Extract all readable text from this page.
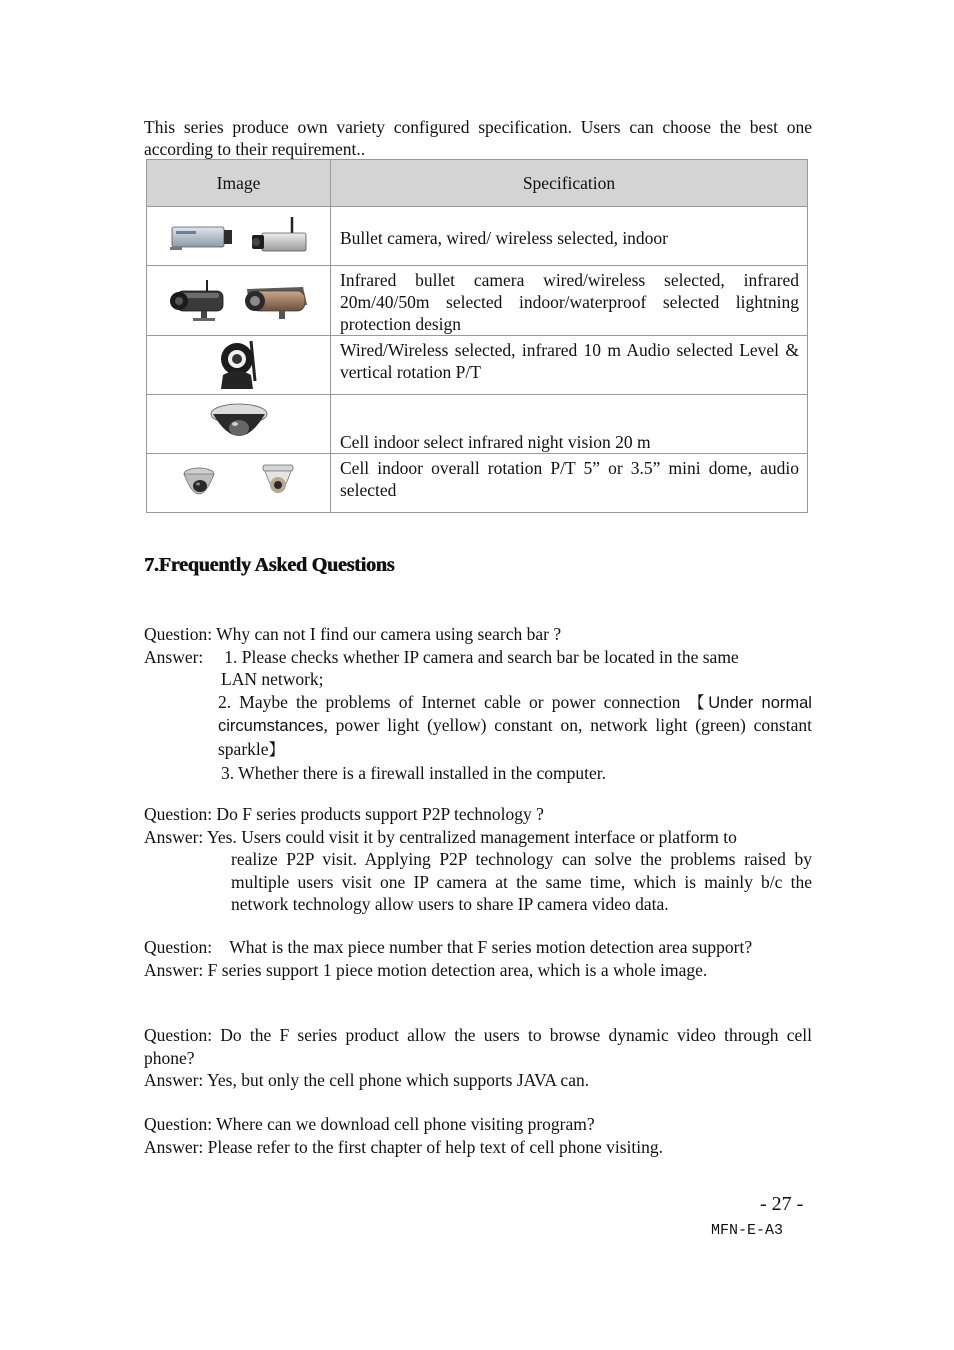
This series produce own variety configured specification. Users can choose the best one according to their requirement..
Image	Specification

	Bullet camera, wired/ wireless selected, indoor

	Infrared bullet camera wired/wireless selected, infrared 20m/40/50m selected indoor/waterproof selected lightning protection design

	Wired/Wireless selected, infrared 10 m Audio selected Level & vertical rotation P/T

	Cell indoor select infrared night vision 20 m

	Cell indoor overall rotation P/T 5” or 3.5” mini dome, audio selected
7.Frequently Asked Questions

Question: Why can not I find our camera using search bar ?

Answer: 1. Please checks whether IP camera and search bar be located in the same

LAN network;

2. Maybe the problems of Internet cable or power connection 【Under normal circumstances, power light (yellow) constant on, network light (green) constant sparkle】

3. Whether there is a firewall installed in the computer.

Question: Do F series products support P2P technology ?

Answer: Yes. Users could visit it by centralized management interface or platform to

realize P2P visit. Applying P2P technology can solve the problems raised by multiple users visit one IP camera at the same time, which is mainly b/c the network technology allow users to share IP camera video data.

Question:    What is the max piece number that F series motion detection area support?

Answer: F series support 1 piece motion detection area, which is a whole image.

Question: Do the F series product allow the users to browse dynamic video through cell phone?

Answer: Yes, but only the cell phone which supports JAVA can.

Question: Where can we download cell phone visiting program?

Answer: Please refer to the first chapter of help text of cell phone visiting.

- 27 -
MFN-E-A3
